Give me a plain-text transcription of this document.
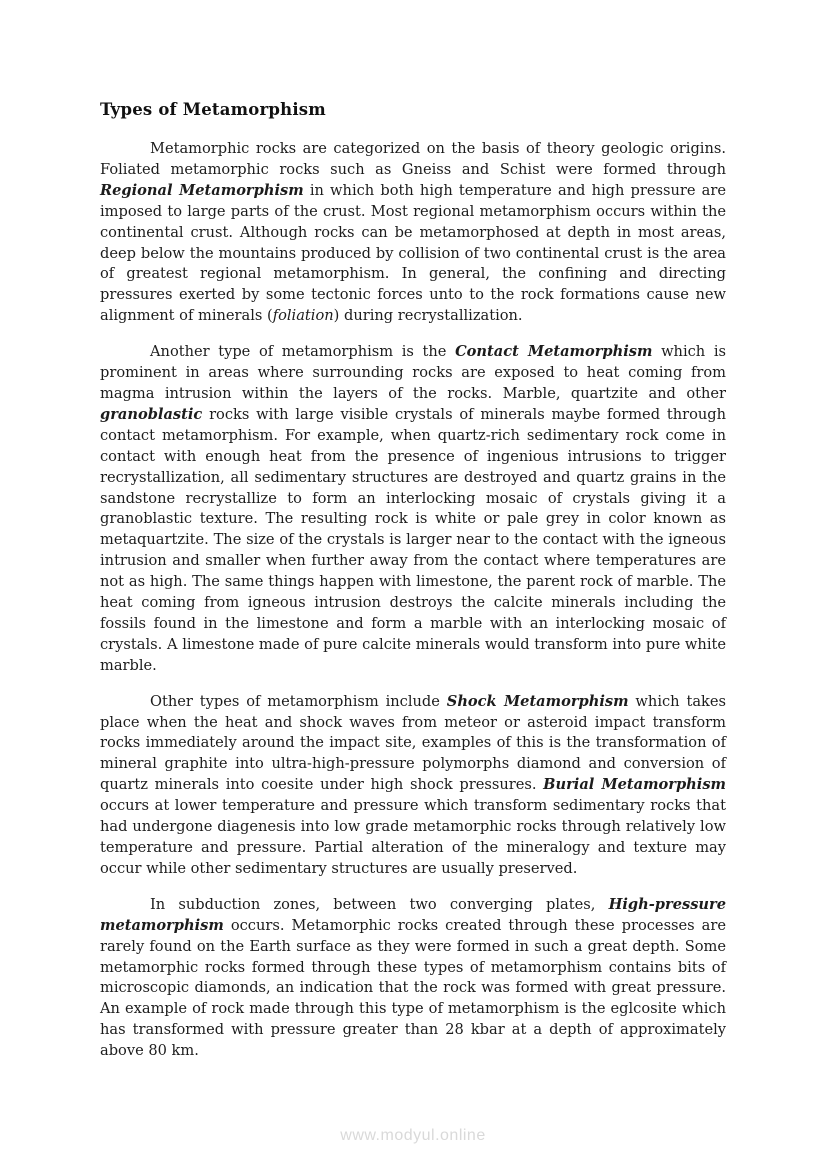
Types of Metamorphism

Metamorphic rocks are categorized on the basis of theory geologic origins. Foliated metamorphic rocks such as Gneiss and Schist were formed through Regional Metamorphism in which both high temperature and high pressure are imposed to large parts of the crust. Most regional metamorphism occurs within the continental crust. Although rocks can be metamorphosed at depth in most areas, deep below the mountains produced by collision of two continental crust is the area of greatest regional metamorphism. In general, the confining and directing pressures exerted by some tectonic forces unto to the rock formations cause new alignment of minerals (foliation) during recrystallization.

Another type of metamorphism is the Contact Metamorphism which is prominent in areas where surrounding rocks are exposed to heat coming from magma intrusion within the layers of the rocks. Marble, quartzite and other granoblastic rocks with large visible crystals of minerals maybe formed through contact metamorphism. For example, when quartz-rich sedimentary rock come in contact with enough heat from the presence of ingenious intrusions to trigger recrystallization, all sedimentary structures are destroyed and quartz grains in the sandstone recrystallize to form an interlocking mosaic of crystals giving it a granoblastic texture. The resulting rock is white or pale grey in color known as metaquartzite. The size of the crystals is larger near to the contact with the igneous intrusion and smaller when further away from the contact where temperatures are not as high. The same things happen with limestone, the parent rock of marble. The heat coming from igneous intrusion destroys the calcite minerals including the fossils found in the limestone and form a marble with an interlocking mosaic of crystals. A limestone made of pure calcite minerals would transform into pure white marble.

Other types of metamorphism include Shock Metamorphism which takes place when the heat and shock waves from meteor or asteroid impact transform rocks immediately around the impact site, examples of this is the transformation of mineral graphite into ultra-high-pressure polymorphs diamond and conversion of quartz minerals into coesite under high shock pressures. Burial Metamorphism occurs at lower temperature and pressure which transform sedimentary rocks that had undergone diagenesis into low grade metamorphic rocks through relatively low temperature and pressure. Partial alteration of the mineralogy and texture may occur while other sedimentary structures are usually preserved.

In subduction zones, between two converging plates, High-pressure metamorphism occurs. Metamorphic rocks created through these processes are rarely found on the Earth surface as they were formed in such a great depth. Some metamorphic rocks formed through these types of metamorphism contains bits of microscopic diamonds, an indication that the rock was formed with great pressure. An example of rock made through this type of metamorphism is the eglcosite which has transformed with pressure greater than 28 kbar at a depth of approximately above 80 km.

www.modyul.online
